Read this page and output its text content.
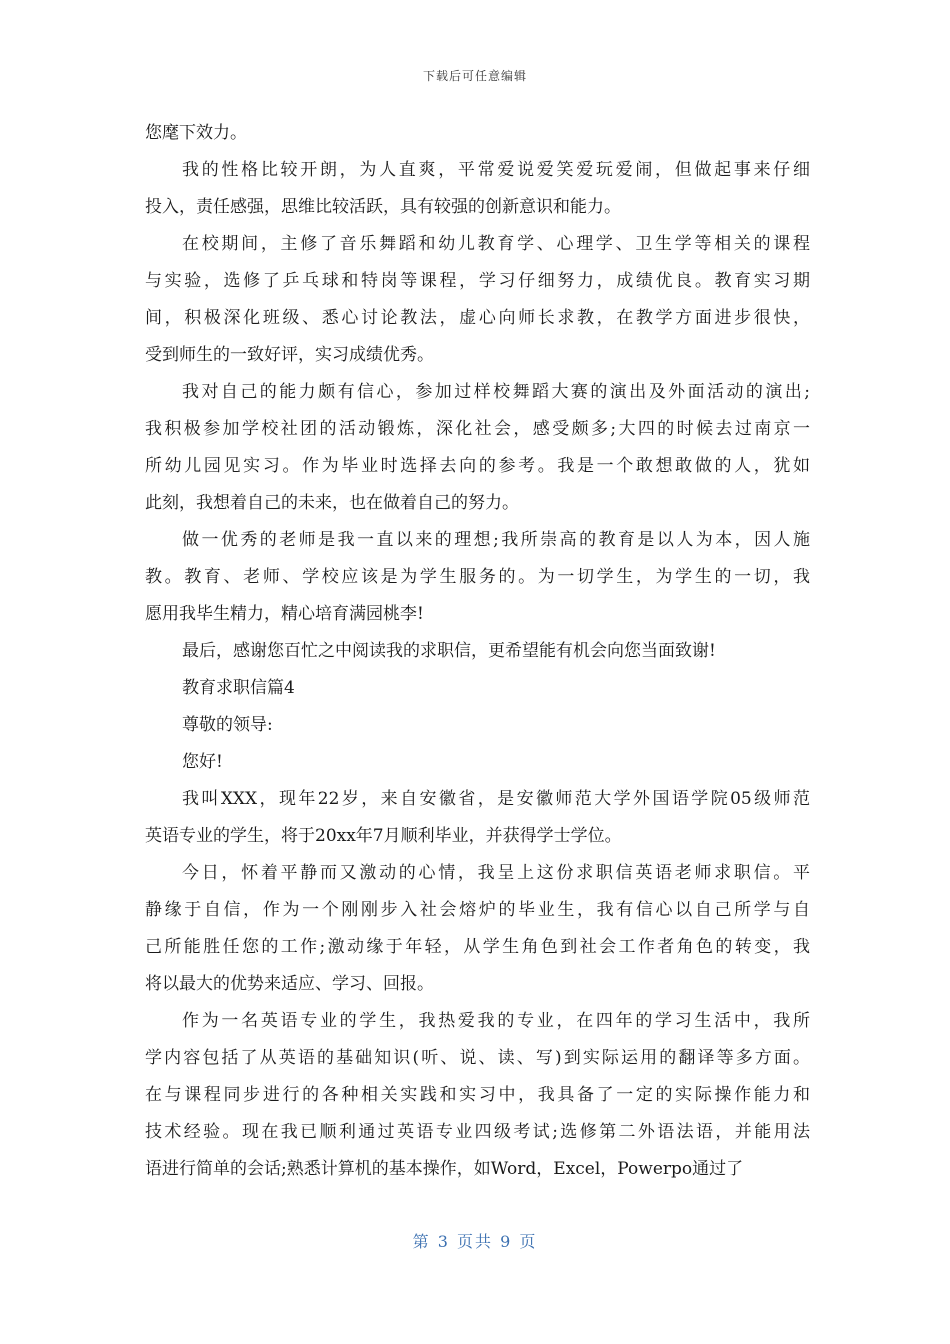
下载后可任意编辑
您麾下效力。
我的性格比较开朗，为人直爽，平常爱说爱笑爱玩爱闹，但做起事来仔细
投入，责任感强，思维比较活跃，具有较强的创新意识和能力。
在校期间，主修了音乐舞蹈和幼儿教育学、心理学、卫生学等相关的课程
与实验，选修了乒乓球和特岗等课程，学习仔细努力，成绩优良。教育实习期
间，积极深化班级、悉心讨论教法，虚心向师长求教，在教学方面进步很快，
受到师生的一致好评，实习成绩优秀。
我对自己的能力颇有信心，参加过样校舞蹈大赛的演出及外面活动的演出;
我积极参加学校社团的活动锻炼，深化社会，感受颇多;大四的时候去过南京一
所幼儿园见实习。作为毕业时选择去向的参考。我是一个敢想敢做的人，犹如
此刻，我想着自己的未来，也在做着自己的努力。
做一优秀的老师是我一直以来的理想;我所崇高的教育是以人为本，因人施
教。教育、老师、学校应该是为学生服务的。为一切学生，为学生的一切，我
愿用我毕生精力，精心培育满园桃李!
最后，感谢您百忙之中阅读我的求职信，更希望能有机会向您当面致谢!
教育求职信篇4
尊敬的领导:
您好!
我叫XXX，现年22岁，来自安徽省，是安徽师范大学外国语学院05级师范
英语专业的学生，将于20xx年7月顺利毕业，并获得学士学位。
今日，怀着平静而又激动的心情，我呈上这份求职信英语老师求职信。平
静缘于自信，作为一个刚刚步入社会熔炉的毕业生，我有信心以自己所学与自
己所能胜任您的工作;激动缘于年轻，从学生角色到社会工作者角色的转变，我
将以最大的优势来适应、学习、回报。
作为一名英语专业的学生，我热爱我的专业，在四年的学习生活中，我所
学内容包括了从英语的基础知识(听、说、读、写)到实际运用的翻译等多方面。
在与课程同步进行的各种相关实践和实习中，我具备了一定的实际操作能力和
技术经验。现在我已顺利通过英语专业四级考试;选修第二外语法语，并能用法
语进行简单的会话;熟悉计算机的基本操作，如Word，Excel，Powerpo通过了
第 3 页共 9 页
